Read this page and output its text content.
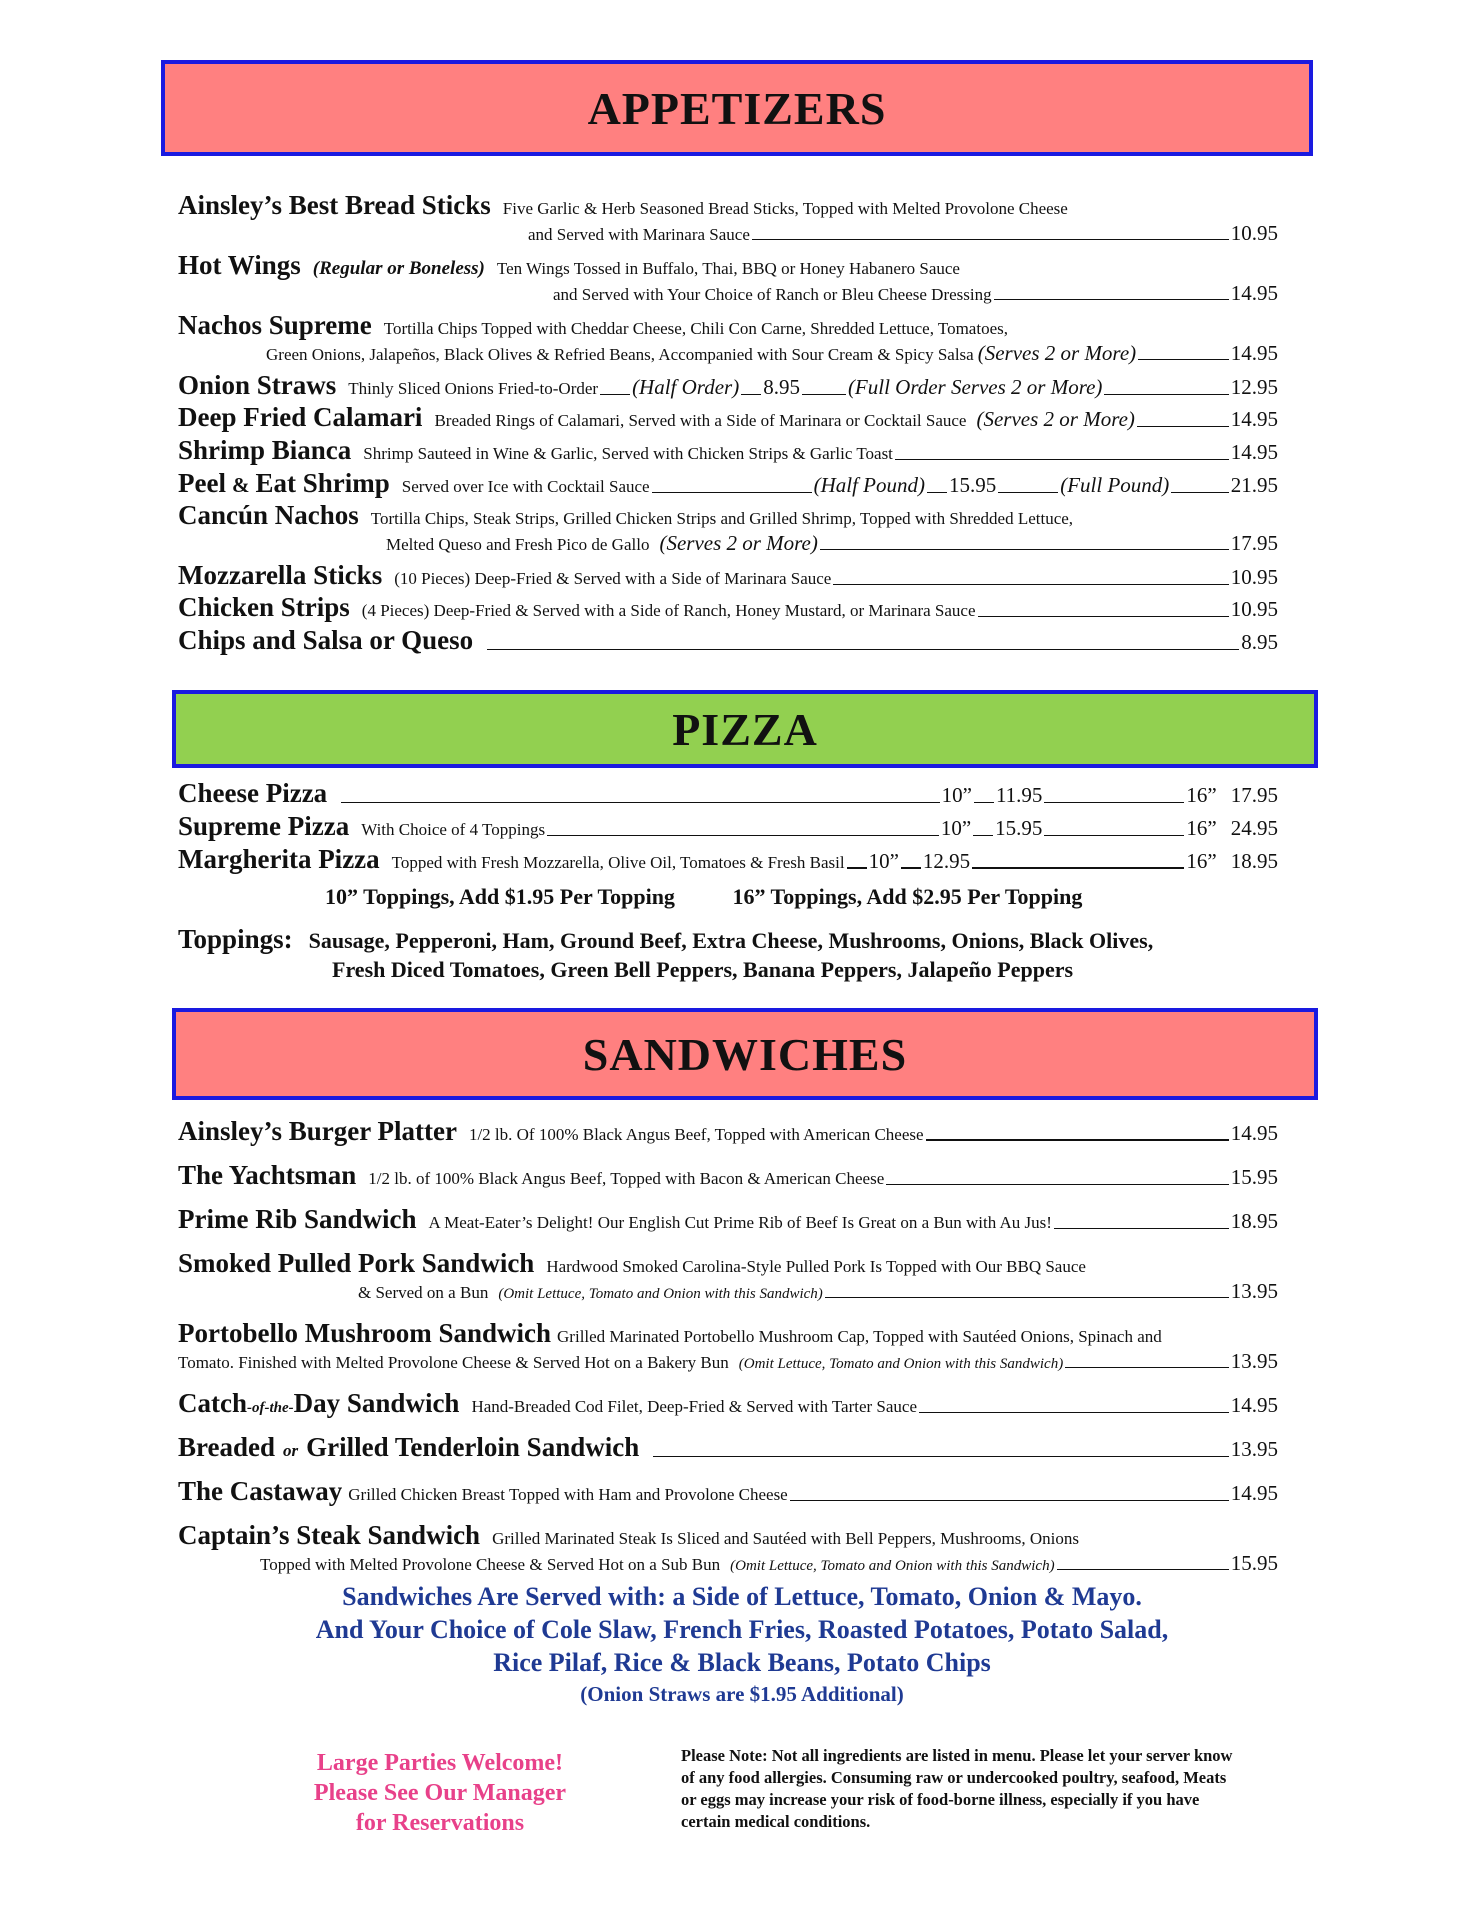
APPETIZERS
Ainsley’s Best Bread Sticks Five Garlic & Herb Seasoned Bread Sticks, Topped with Melted Provolone Cheese
and Served with Marinara Sauce	10.95
Hot Wings (Regular or Boneless) Ten Wings Tossed in Buffalo, Thai, BBQ or Honey Habanero Sauce
and Served with Your Choice of Ranch or Bleu Cheese Dressing	14.95
Nachos Supreme Tortilla Chips Topped with Cheddar Cheese, Chili Con Carne, Shredded Lettuce, Tomatoes,
Green Onions, Jalapeños, Black Olives & Refried Beans, Accompanied with Sour Cream & Spicy Salsa (Serves 2 or More)	14.95
Onion Straws Thinly Sliced Onions Fried-to-Order (Half Order) 8.95 (Full Order Serves 2 or More)	12.95
Deep Fried Calamari Breaded Rings of Calamari, Served with a Side of Marinara or Cocktail Sauce (Serves 2 or More)	14.95
Shrimp Bianca Shrimp Sauteed in Wine & Garlic, Served with Chicken Strips & Garlic Toast	14.95
Peel & Eat Shrimp Served over Ice with Cocktail Sauce	(Half Pound) 15.95	(Full Pound)	21.95
Cancún Nachos Tortilla Chips, Steak Strips, Grilled Chicken Strips and Grilled Shrimp, Topped with Shredded Lettuce,
Melted Queso and Fresh Pico de Gallo (Serves 2 or More)	17.95
Mozzarella Sticks (10 Pieces) Deep-Fried & Served with a Side of Marinara Sauce	10.95
Chicken Strips (4 Pieces) Deep-Fried & Served with a Side of Ranch, Honey Mustard, or Marinara Sauce	10.95
Chips and Salsa or Queso	8.95
PIZZA
Cheese Pizza	10” 11.95	16” 17.95
Supreme Pizza With Choice of 4 Toppings	10” 15.95	16” 24.95
Margherita Pizza Topped with Fresh Mozzarella, Olive Oil, Tomatoes & Fresh Basil 10” 12.95	16” 18.95
10” Toppings, Add $1.95 Per Topping	16” Toppings, Add $2.95 Per Topping
Toppings: Sausage, Pepperoni, Ham, Ground Beef, Extra Cheese, Mushrooms, Onions, Black Olives,
Fresh Diced Tomatoes, Green Bell Peppers, Banana Peppers, Jalapeño Peppers
SANDWICHES
Ainsley’s Burger Platter 1/2 lb. Of 100% Black Angus Beef, Topped with American Cheese	14.95
The Yachtsman 1/2 lb. of 100% Black Angus Beef, Topped with Bacon & American Cheese	15.95
Prime Rib Sandwich A Meat-Eater’s Delight! Our English Cut Prime Rib of Beef Is Great on a Bun with Au Jus!	18.95
Smoked Pulled Pork Sandwich Hardwood Smoked Carolina-Style Pulled Pork Is Topped with Our BBQ Sauce
& Served on a Bun (Omit Lettuce, Tomato and Onion with this Sandwich)	13.95
Portobello Mushroom Sandwich Grilled Marinated Portobello Mushroom Cap, Topped with Sautéed Onions, Spinach and
Tomato. Finished with Melted Provolone Cheese & Served Hot on a Bakery Bun (Omit Lettuce, Tomato and Onion with this Sandwich)	13.95
Catch -of-the- Day Sandwich Hand-Breaded Cod Filet, Deep-Fried & Served with Tarter Sauce	14.95
Breaded or Grilled Tenderloin Sandwich	13.95
The Castaway Grilled Chicken Breast Topped with Ham and Provolone Cheese	14.95
Captain’s Steak Sandwich Grilled Marinated Steak Is Sliced and Sautéed with Bell Peppers, Mushrooms, Onions
Topped with Melted Provolone Cheese & Served Hot on a Sub Bun (Omit Lettuce, Tomato and Onion with this Sandwich)	15.95
Sandwiches Are Served with: a Side of Lettuce, Tomato, Onion & Mayo.
And Your Choice of Cole Slaw, French Fries, Roasted Potatoes, Potato Salad,
Rice Pilaf, Rice & Black Beans, Potato Chips
(Onion Straws are $1.95 Additional)
Large Parties Welcome!
Please See Our Manager
for Reservations
Please Note: Not all ingredients are listed in menu. Please let your server know
of any food allergies. Consuming raw or undercooked poultry, seafood, Meats
or eggs may increase your risk of food-borne illness, especially if you have
certain medical conditions.
